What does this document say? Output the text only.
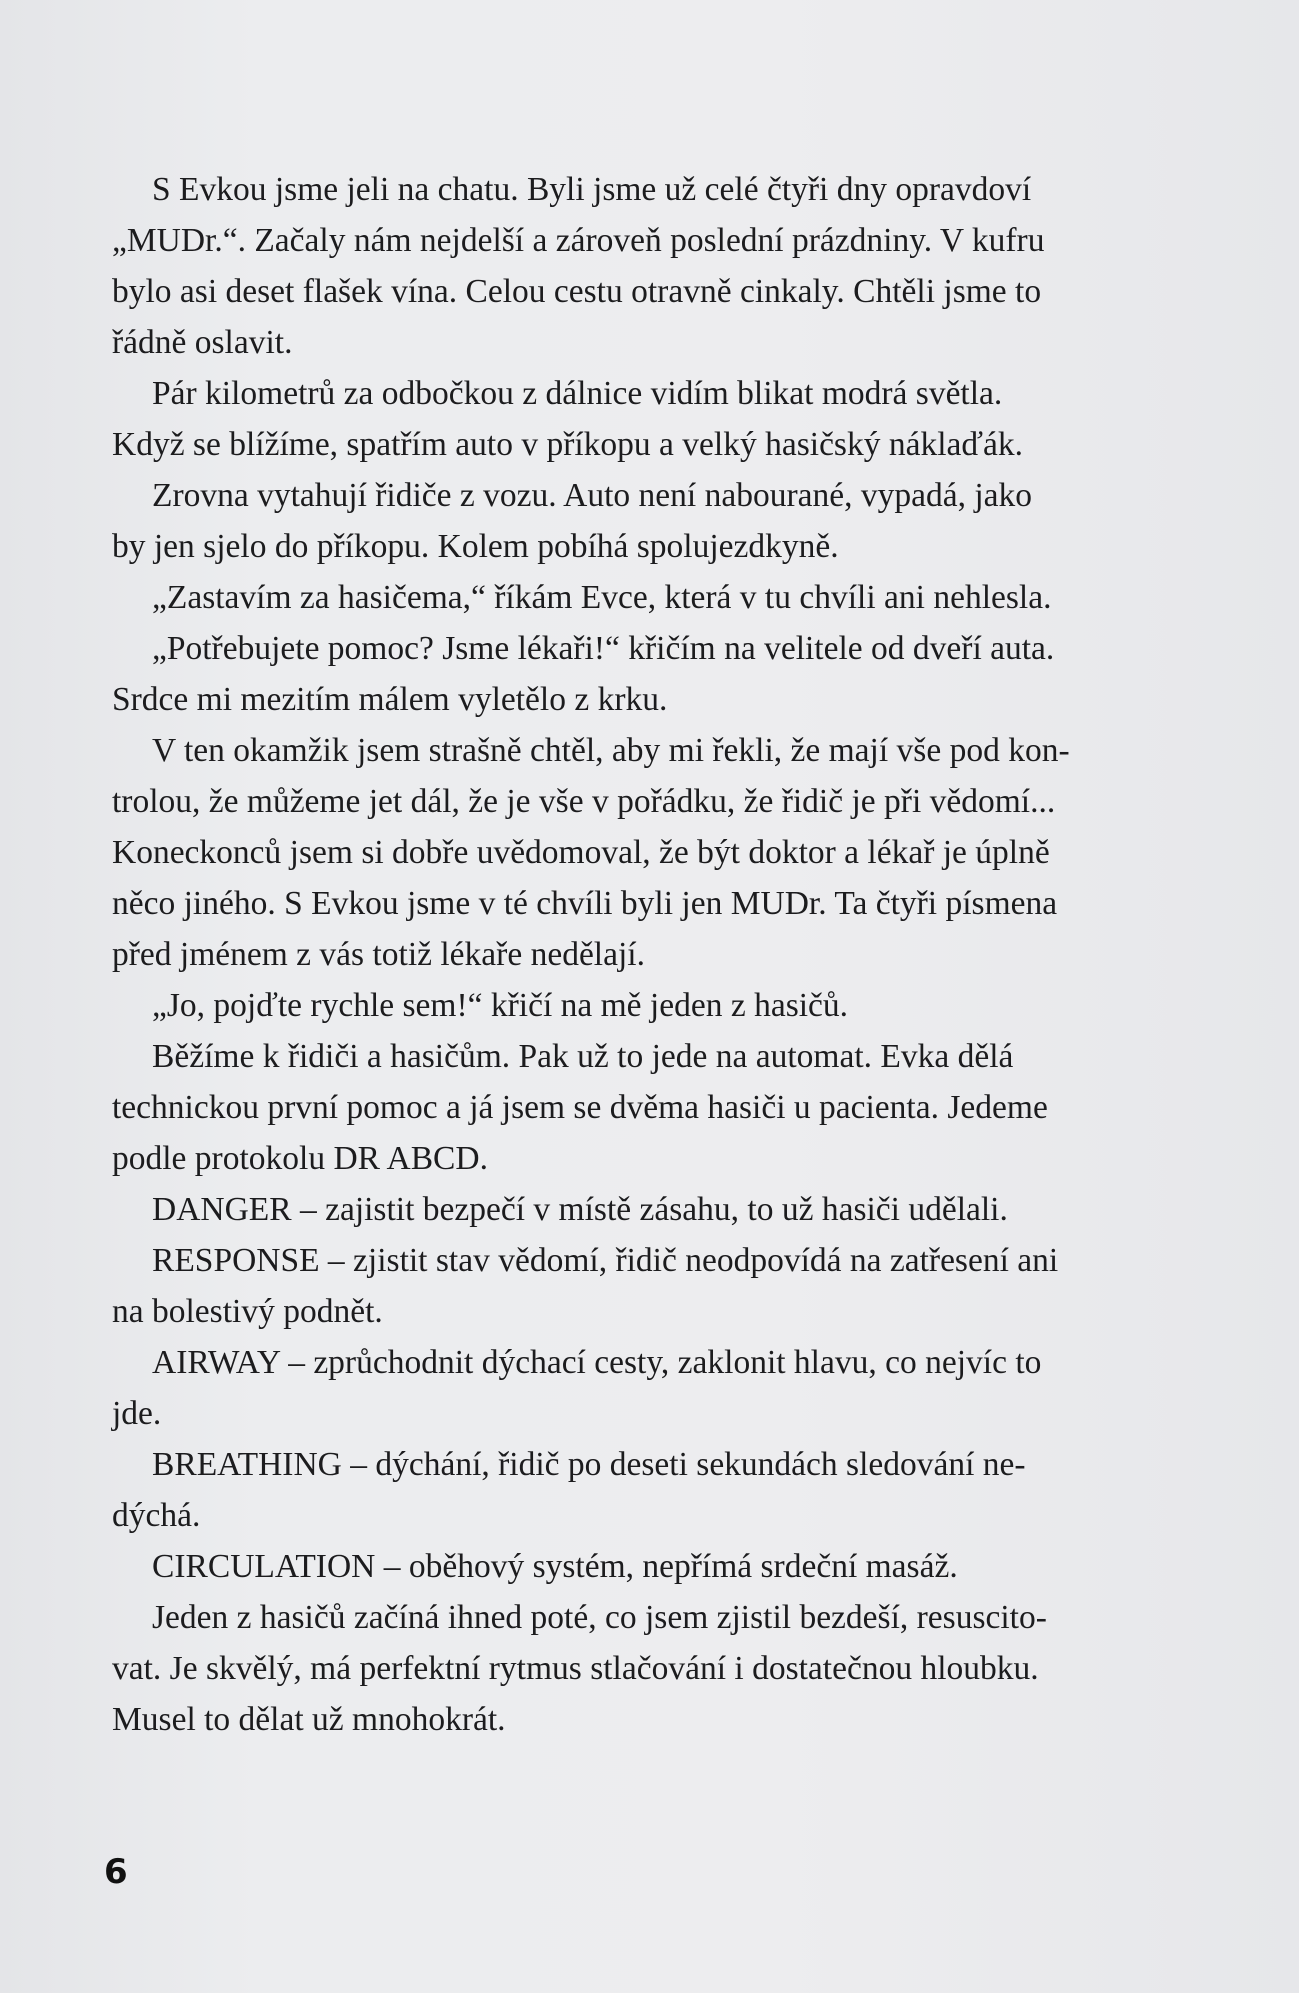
S Evkou jsme jeli na chatu. Byli jsme už celé čtyři dny opravdoví
„MUDr.“. Začaly nám nejdelší a zároveň poslední prázdniny. V kufru
bylo asi deset flašek vína. Celou cestu otravně cinkaly. Chtěli jsme to
řádně oslavit.

Pár kilometrů za odbočkou z dálnice vidím blikat modrá světla.
Když se blížíme, spatřím auto v příkopu a velký hasičský náklaďák.

Zrovna vytahují řidiče z vozu. Auto není nabourané, vypadá, jako
by jen sjelo do příkopu. Kolem pobíhá spolujezdkyně.

„Zastavím za hasičema,“ říkám Evce, která v tu chvíli ani nehlesla.

„Potřebujete pomoc? Jsme lékaři!“ křičím na velitele od dveří auta.
Srdce mi mezitím málem vyletělo z krku.

V ten okamžik jsem strašně chtěl, aby mi řekli, že mají vše pod kon-
trolou, že můžeme jet dál, že je vše v pořádku, že řidič je při vědomí...
Koneckonců jsem si dobře uvědomoval, že být doktor a lékař je úplně
něco jiného. S Evkou jsme v té chvíli byli jen MUDr. Ta čtyři písmena
před jménem z vás totiž lékaře nedělají.

„Jo, pojďte rychle sem!“ křičí na mě jeden z hasičů.

Běžíme k řidiči a hasičům. Pak už to jede na automat. Evka dělá
technickou první pomoc a já jsem se dvěma hasiči u pacienta. Jedeme
podle protokolu DR ABCD.

DANGER – zajistit bezpečí v místě zásahu, to už hasiči udělali.

RESPONSE – zjistit stav vědomí, řidič neodpovídá na zatřesení ani
na bolestivý podnět.

AIRWAY – zprůchodnit dýchací cesty, zaklonit hlavu, co nejvíc to
jde.

BREATHING – dýchání, řidič po deseti sekundách sledování ne-
dýchá.

CIRCULATION – oběhový systém, nepřímá srdeční masáž.

Jeden z hasičů začíná ihned poté, co jsem zjistil bezdeší, resuscito-
vat. Je skvělý, má perfektní rytmus stlačování i dostatečnou hloubku.
Musel to dělat už mnohokrát.

6
